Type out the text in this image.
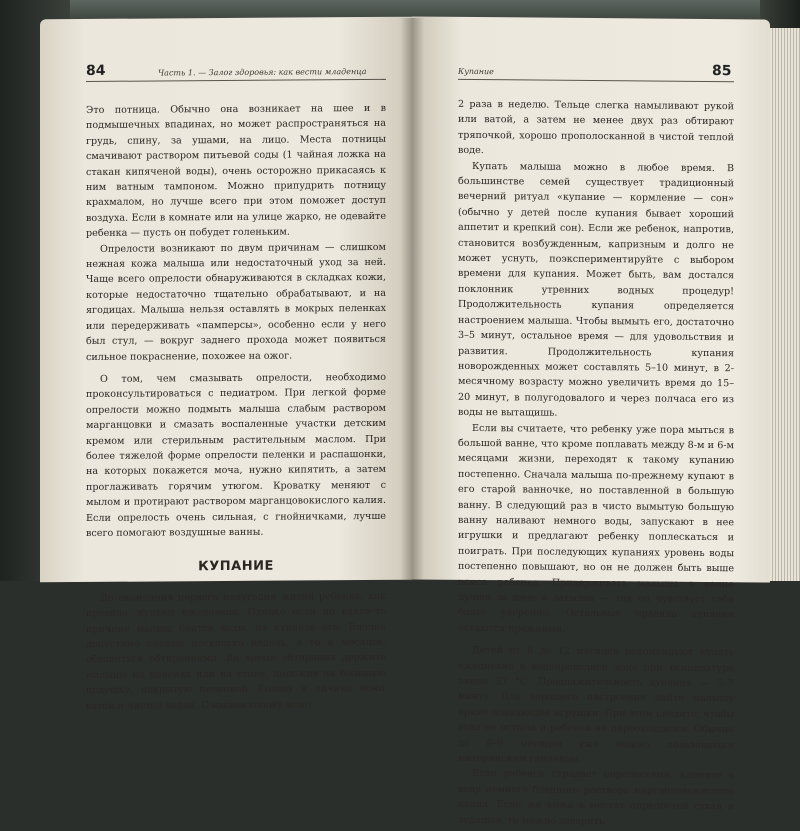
84	Часть 1. — Залог здоровья: как вести младенца

Это потница. Обычно она возникает на шее и в подмышечных впадинах, но может распространяться на грудь, спину, за ушами, на лицо. Места потницы смачивают раствором питьевой соды (1 чайная ложка на стакан кипяченой воды), очень осторожно прикасаясь к ним ватным тампоном. Можно припудрить потницу крахмалом, но лучше всего при этом поможет доступ воздуха. Если в комнате или на улице жарко, не одевайте ребенка — пусть он побудет голеньким.

Опрелости возникают по двум причинам — слишком нежная кожа малыша или недостаточный уход за ней. Чаще всего опрелости обнаруживаются в складках кожи, которые недостаточно тщательно обрабатывают, и на ягодицах. Малыша нельзя оставлять в мокрых пеленках или передерживать «памперсы», особенно если у него был стул, — вокруг заднего прохода может появиться сильное покраснение, похожее на ожог.

О том, чем смазывать опрелости, необходимо проконсультироваться с педиатром. При легкой форме опрелости можно подмыть малыша слабым раствором марганцовки и смазать воспаленные участки детским кремом или стерильным растительным маслом. При более тяжелой форме опрелости пеленки и распашонки, на которых покажется моча, нужно кипятить, а затем проглаживать горячим утюгом. Кроватку меняют с мылом и протирают раствором марганцовокислого калия. Если опрелость очень сильная, с гнойничками, лучше всего помогают воздушные ванны.

КУПАНИЕ

До окончания первого полугодия жизни ребенка, как правило, купают ежедневно. Однако если по какой-то причине малыш боится воды, не купайте его. Вполне допустимо первые несколько недель, а то и месяцев, обходиться обтираниями. Во время обтирания держите малыша на коленях или на столе, положив на большую подушку, покрытую пеленкой. Голову и личико моют ватой и чистой водой. С мылом голову моют

Купание	85

2 раза в неделю. Тельце слегка намыливают рукой или ватой, а затем не менее двух раз обтирают тряпочкой, хорошо прополосканной в чистой теплой воде.

Купать малыша можно в любое время. В большинстве семей существует традиционный вечерний ритуал «купание — кормление — сон» (обычно у детей после купания бывает хороший аппетит и крепкий сон). Если же ребенок, напротив, становится возбужденным, капризным и долго не может уснуть, поэкспериментируйте с выбором времени для купания. Может быть, вам достался поклонник утренних водных процедур! Продолжительность купания определяется настроением малыша. Чтобы вымыть его, достаточно 3–5 минут, остальное время — для удовольствия и развития. Продолжительность купания новорожденных может составлять 5–10 минут, в 2-месячному возрасту можно увеличить время до 15–20 минут, в полугодовалого и через полчаса его из воды не вытащишь.

Если вы считаете, что ребенку уже пора мыться в большой ванне, что кроме поплавать между 8-м и 6-м месяцами жизни, переходят к такому купанию постепенно. Сначала малыша по-прежнему купают в его старой ванночке, но поставленной в большую ванну. В следующий раз в чисто вымытую большую ванну наливают немного воды, запускают в нее игрушки и предлагают ребенку поплескаться и поиграть. При последующих купаниях уровень воды постепенно повышают, но он не должен быть выше пояса ребенка. Придерживать малыша в ванне лучше за шею и затылок — так он чувствует себя более уверенно. Остальные правила купания остаются прежними.

Детей от 6 до 12 месяцев рекомендуют купать ежедневно в водопроводной воде при температуре около 37 °С. Продолжительность купания — 5–7 минут. Для хорошего настроения дайте малышу яркие плавающие игрушки. При этом следите, чтобы вода не остыла и ребенок не переохладился. Обычно до 8–9 месяцев уже можно пользоваться материнским гамачком.

Если ребенок страдает опрелостями, капните в воду немного бледного раствора марганцовокислого калия. Если же кожа в местах опрелостей сухая и зудящая, то можно заварить
